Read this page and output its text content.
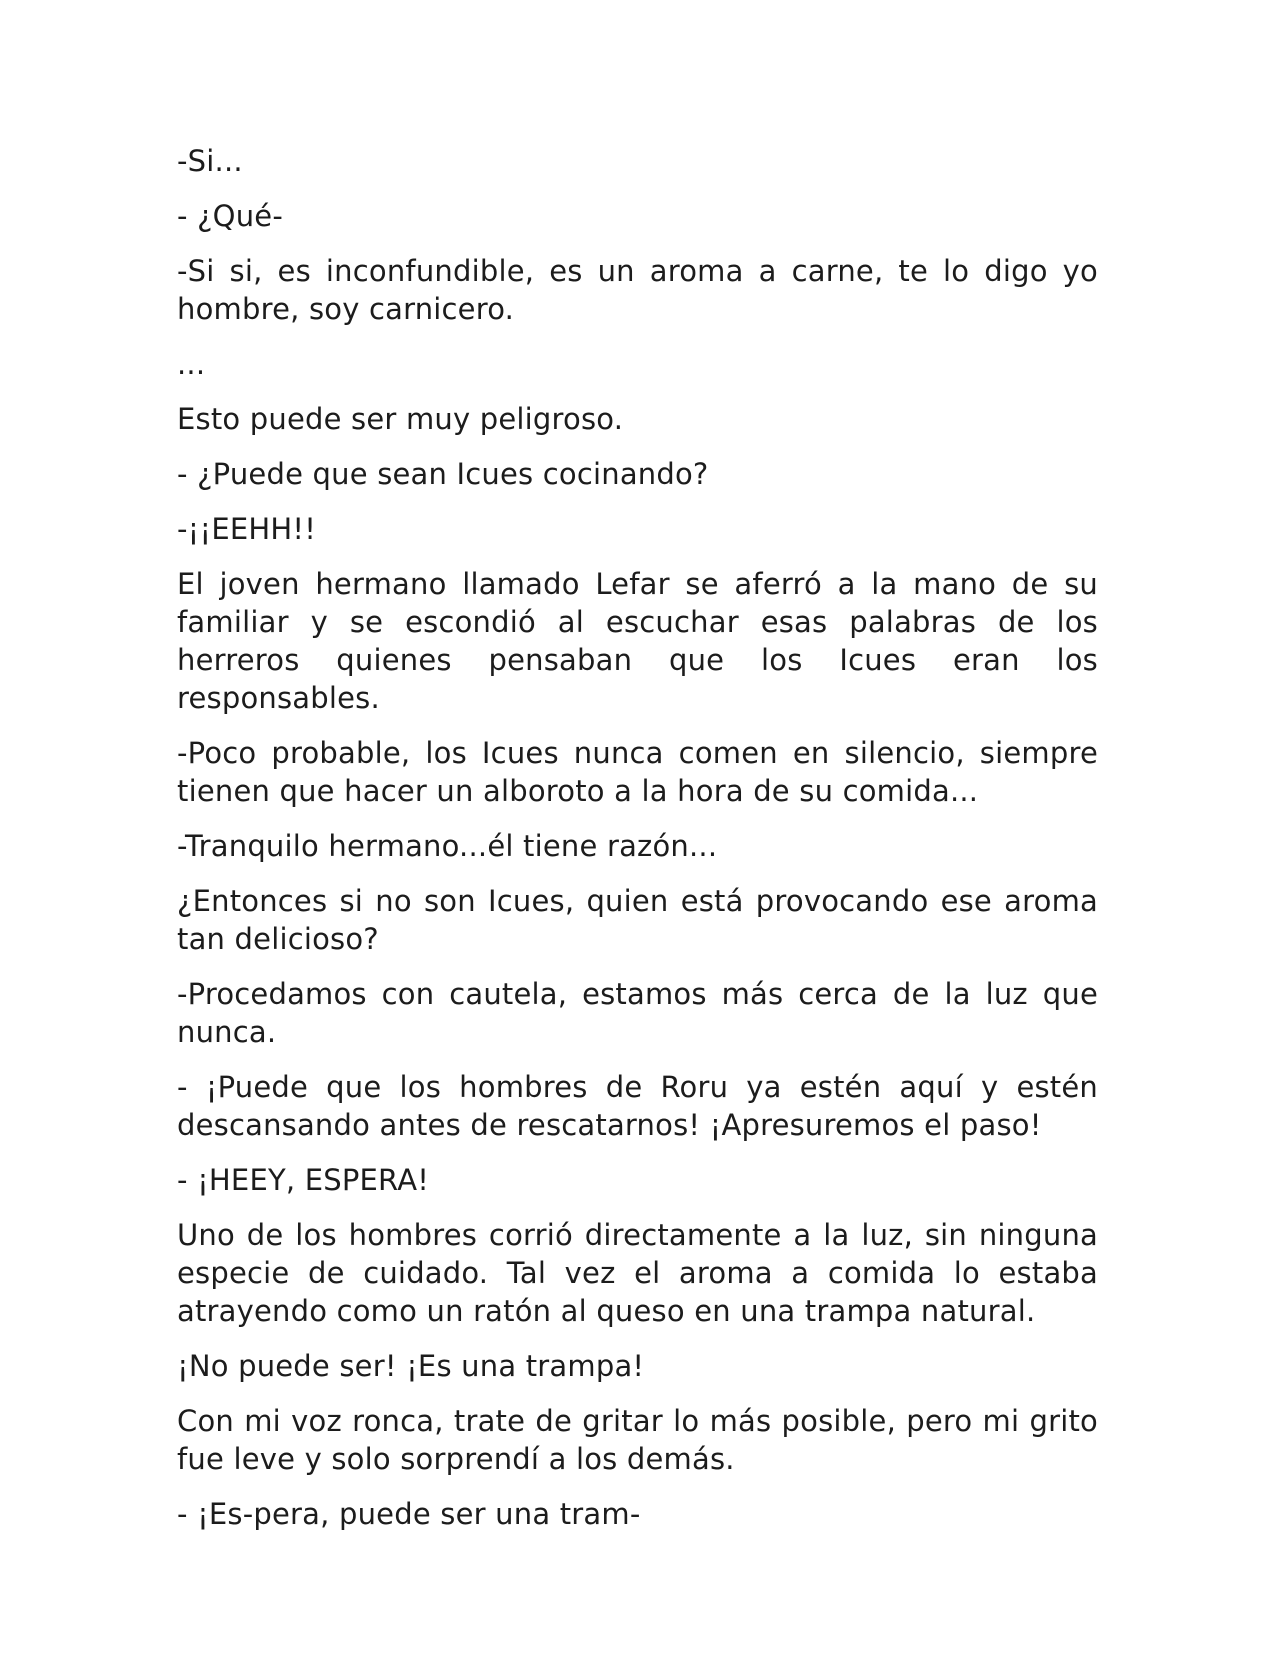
-Si...

- ¿Qué-

-Si si, es inconfundible, es un aroma a carne, te lo digo yo hombre, soy carnicero.

...

Esto puede ser muy peligroso.

- ¿Puede que sean Icues cocinando?

-¡¡EEHH!!

El joven hermano llamado Lefar se aferró a la mano de su familiar y se escondió al escuchar esas palabras de los herreros quienes pensaban que los Icues eran los responsables.

-Poco probable, los Icues nunca comen en silencio, siempre tienen que hacer un alboroto a la hora de su comida...

-Tranquilo hermano...él tiene razón...

¿Entonces si no son Icues, quien está provocando ese aroma tan delicioso?

-Procedamos con cautela, estamos más cerca de la luz que nunca.

- ¡Puede que los hombres de Roru ya estén aquí y estén descansando antes de rescatarnos! ¡Apresuremos el paso!

- ¡HEEY, ESPERA!

Uno de los hombres corrió directamente a la luz, sin ninguna especie de cuidado. Tal vez el aroma a comida lo estaba atrayendo como un ratón al queso en una trampa natural.

¡No puede ser! ¡Es una trampa!

Con mi voz ronca, trate de gritar lo más posible, pero mi grito fue leve y solo sorprendí a los demás.

- ¡Es-pera, puede ser una tram-
